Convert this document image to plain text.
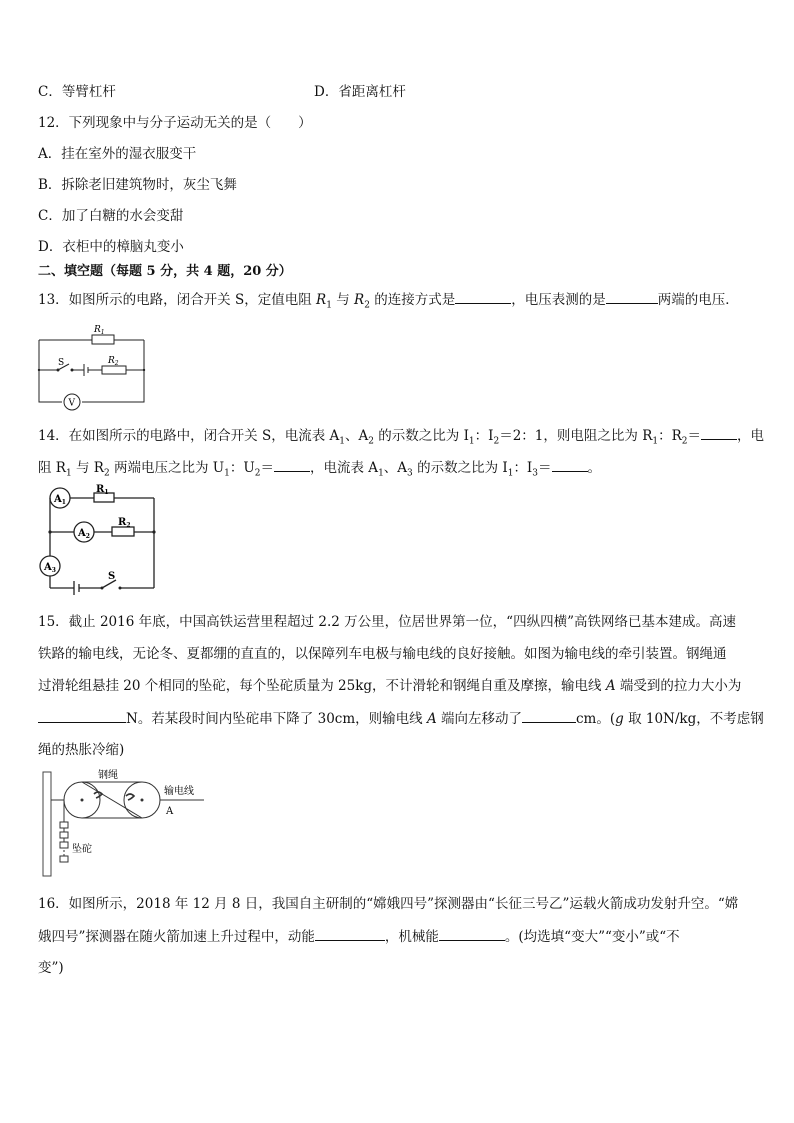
C．等臂杠杆	D．省距离杠杆
12．下列现象中与分子运动无关的是（　　）
A．挂在室外的湿衣服变干
B．拆除老旧建筑物时，灰尘飞舞
C．加了白糖的水会变甜
D．衣柜中的樟脑丸变小
二、填空题（每题 5 分，共 4 题，20 分）
13．如图所示的电路，闭合开关 S，定值电阻 $R_1$ 与 $R_2$ 的连接方式是	，电压表测的是	两端的电压．
$R_1$
$R_2$
S
V
14．在如图所示的电路中，闭合开关 S，电流表 $A_1$、$A_2$ 的示数之比为 $I_1$：$I_2=2$：1，则电阻之比为 $R_1$：$R_2=$	，电
阻 $R_1$ 与 $R_2$ 两端电压之比为 $U_1$：$U_2=$	，电流表 $A_1$、$A_3$ 的示数之比为 $I_1$：$I_3=$	。
$A_1$
$A_2$
$A_3$
$R_1$
$R_2$
S
15．截止 2016 年底，中国高铁运营里程超过 2.2 万公里，位居世界第一位，“四纵四横”高铁网络已基本建成。高速
铁路的输电线，无论冬、夏都绷的直直的，以保障列车电极与输电线的良好接触。如图为输电线的牵引装置。钢绳通
过滑轮组悬挂 20 个相同的坠砣，每个坠砣质量为 25kg，不计滑轮和钢绳自重及摩擦，输电线 A 端受到的拉力大小为
N。若某段时间内坠砣串下降了 30cm，则输电线 A 端向左移动了	cm。(g 取 10N/kg，不考虑钢
绳的热胀冷缩)
钢绳
输电线
A
坠砣
16．如图所示，2018 年 12 月 8 日，我国自主研制的“嫦娥四号”探测器由“长征三号乙”运载火箭成功发射升空。“嫦
娥四号”探测器在随火箭加速上升过程中，动能	，机械能	。(均选填“变大”“变小”或“不
变”)
